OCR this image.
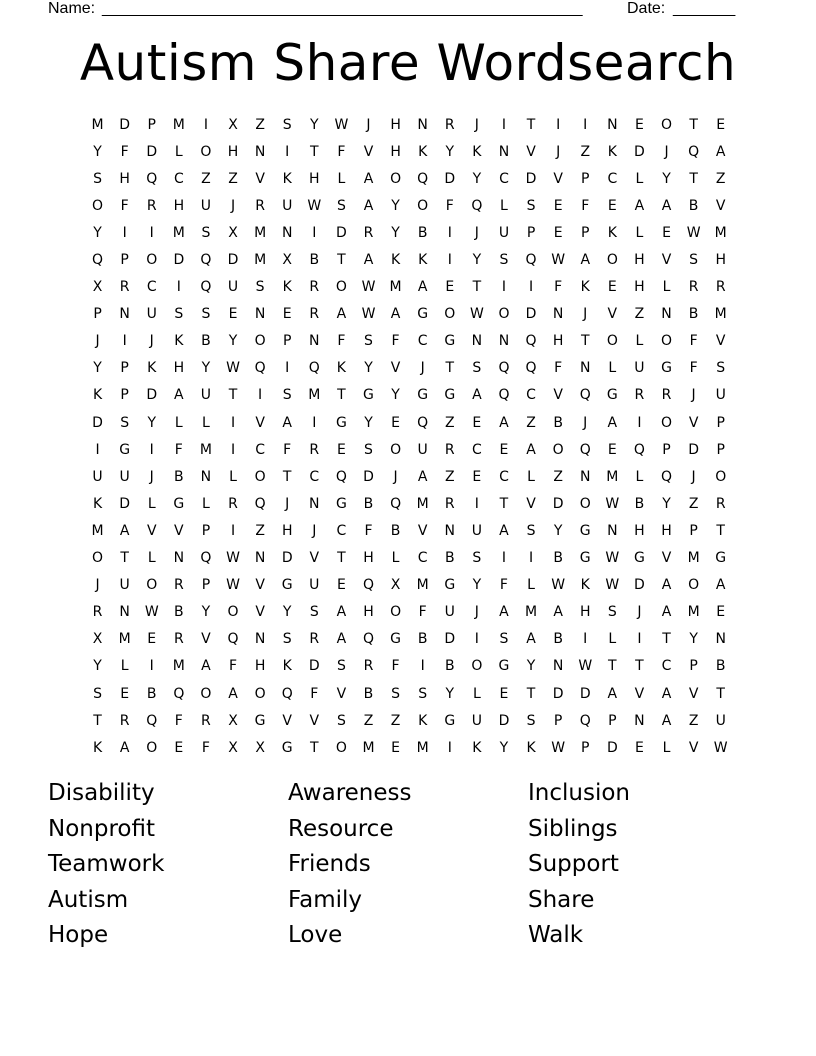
Name: ______________________________________________________	Date: _______
Autism Share Wordsearch
M	D	P	M	I	X	Z	S	Y	W	J	H	N	R	J	I	T	I	I	N	E	O	T	E
Y	F	D	L	O	H	N	I	T	F	V	H	K	Y	K	N	V	J	Z	K	D	J	Q	A
S	H	Q	C	Z	Z	V	K	H	L	A	O	Q	D	Y	C	D	V	P	C	L	Y	T	Z
O	F	R	H	U	J	R	U	W	S	A	Y	O	F	Q	L	S	E	F	E	A	A	B	V
Y	I	I	M	S	X	M	N	I	D	R	Y	B	I	J	U	P	E	P	K	L	E	W	M
Q	P	O	D	Q	D	M	X	B	T	A	K	K	I	Y	S	Q	W	A	O	H	V	S	H
X	R	C	I	Q	U	S	K	R	O	W	M	A	E	T	I	I	F	K	E	H	L	R	R
P	N	U	S	S	E	N	E	R	A	W	A	G	O	W	O	D	N	J	V	Z	N	B	M
J	I	J	K	B	Y	O	P	N	F	S	F	C	G	N	N	Q	H	T	O	L	O	F	V
Y	P	K	H	Y	W	Q	I	Q	K	Y	V	J	T	S	Q	Q	F	N	L	U	G	F	S
K	P	D	A	U	T	I	S	M	T	G	Y	G	G	A	Q	C	V	Q	G	R	R	J	U
D	S	Y	L	L	I	V	A	I	G	Y	E	Q	Z	E	A	Z	B	J	A	I	O	V	P
I	G	I	F	M	I	C	F	R	E	S	O	U	R	C	E	A	O	Q	E	Q	P	D	P
U	U	J	B	N	L	O	T	C	Q	D	J	A	Z	E	C	L	Z	N	M	L	Q	J	O
K	D	L	G	L	R	Q	J	N	G	B	Q	M	R	I	T	V	D	O	W	B	Y	Z	R
M	A	V	V	P	I	Z	H	J	C	F	B	V	N	U	A	S	Y	G	N	H	H	P	T
O	T	L	N	Q	W	N	D	V	T	H	L	C	B	S	I	I	B	G	W	G	V	M	G
J	U	O	R	P	W	V	G	U	E	Q	X	M	G	Y	F	L	W	K	W	D	A	O	A
R	N	W	B	Y	O	V	Y	S	A	H	O	F	U	J	A	M	A	H	S	J	A	M	E
X	M	E	R	V	Q	N	S	R	A	Q	G	B	D	I	S	A	B	I	L	I	T	Y	N
Y	L	I	M	A	F	H	K	D	S	R	F	I	B	O	G	Y	N	W	T	T	C	P	B
S	E	B	Q	O	A	O	Q	F	V	B	S	S	Y	L	E	T	D	D	A	V	A	V	T
T	R	Q	F	R	X	G	V	V	S	Z	Z	K	G	U	D	S	P	Q	P	N	A	Z	U
K	A	O	E	F	X	X	G	T	O	M	E	M	I	K	Y	K	W	P	D	E	L	V	W
Disability	Awareness	Inclusion
Nonprofit	Resource	Siblings
Teamwork	Friends	Support
Autism	Family	Share
Hope	Love	Walk
